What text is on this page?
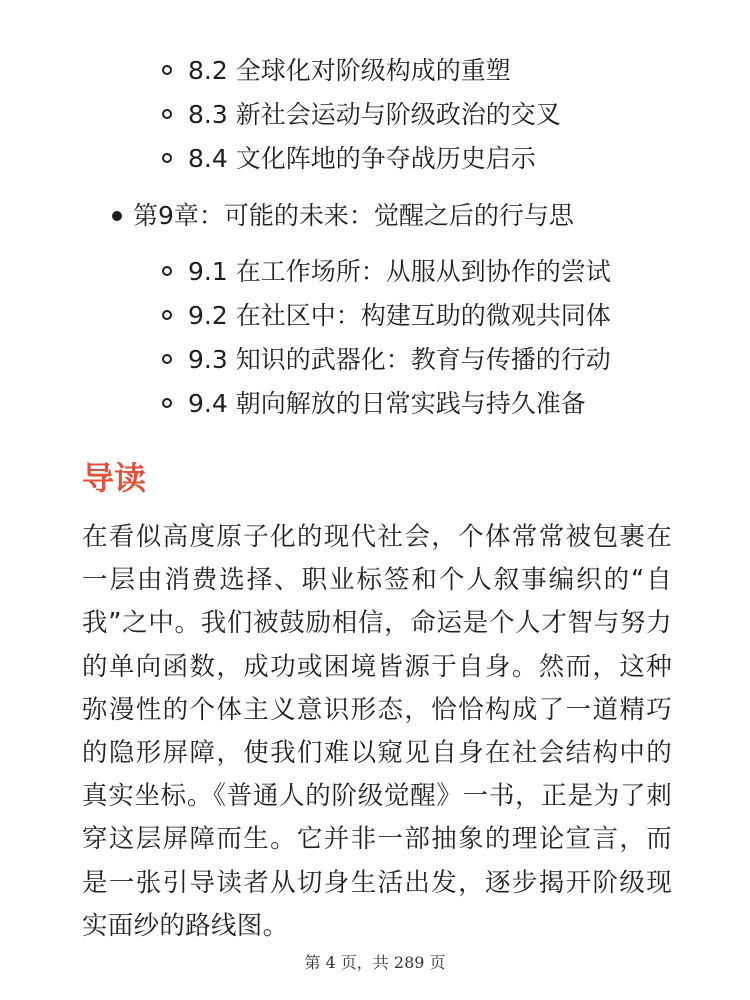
8.2 全球化对阶级构成的重塑
8.3 新社会运动与阶级政治的交叉
8.4 文化阵地的争夺战历史启示
第9章：可能的未来：觉醒之后的行与思
9.1 在工作场所：从服从到协作的尝试
9.2 在社区中：构建互助的微观共同体
9.3 知识的武器化：教育与传播的行动
9.4 朝向解放的日常实践与持久准备
导读

在看似高度原子化的现代社会，个体常常被包裹在一层由消费选择、职业标签和个人叙事编织的“自我”之中。我们被鼓励相信，命运是个人才智与努力的单向函数，成功或困境皆源于自身。然而，这种弥漫性的个体主义意识形态，恰恰构成了一道精巧的隐形屏障，使我们难以窥见自身在社会结构中的真实坐标。《普通人的阶级觉醒》一书，正是为了刺穿这层屏障而生。它并非一部抽象的理论宣言，而是一张引导读者从切身生活出发，逐步揭开阶级现实面纱的路线图。

第 4 页，共 289 页
